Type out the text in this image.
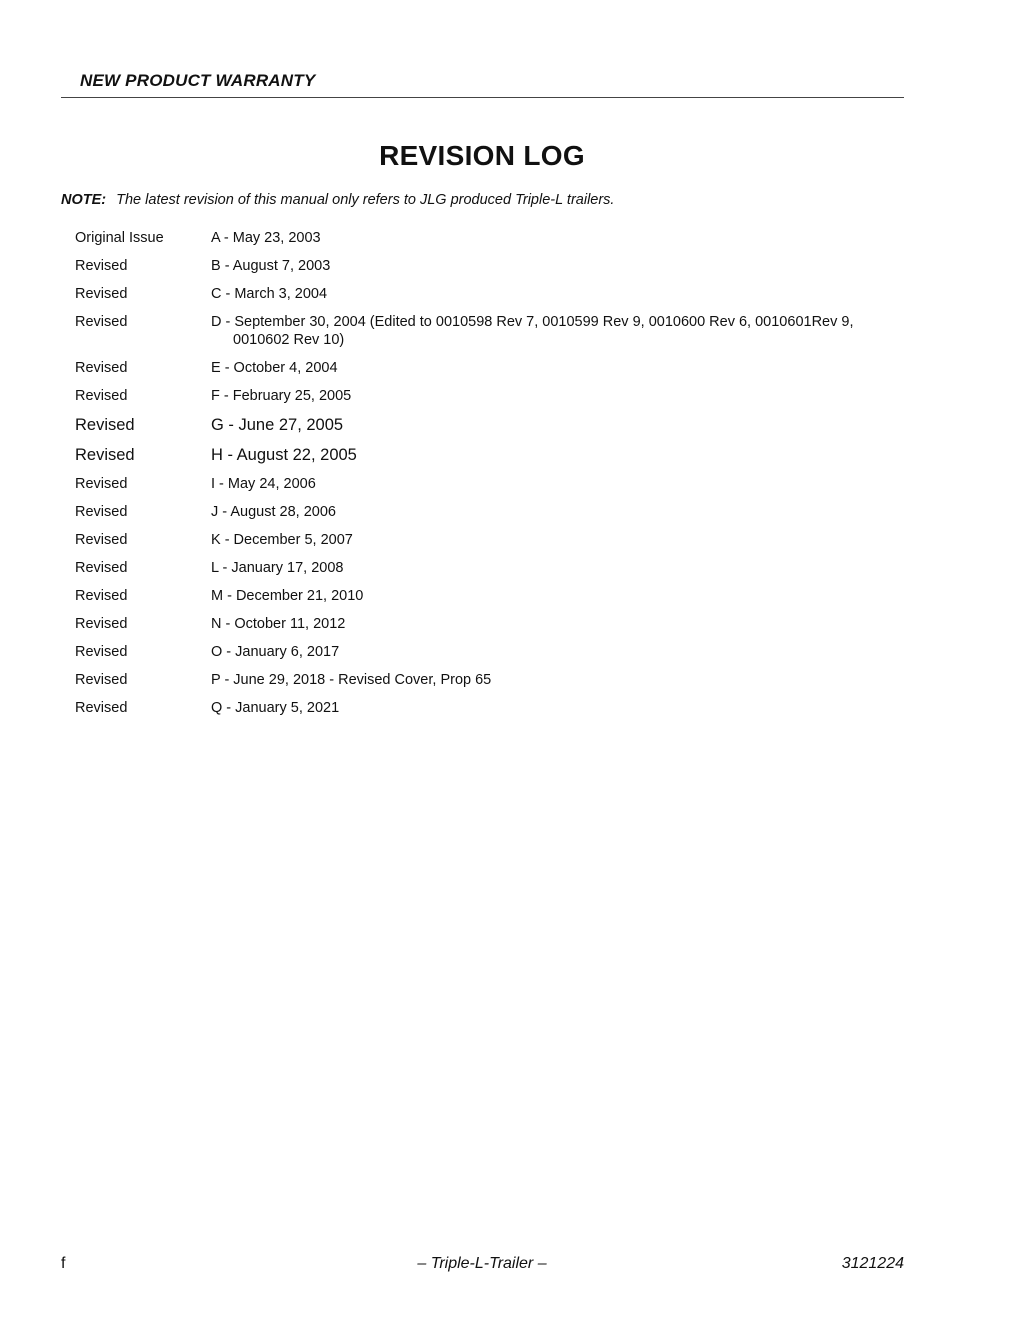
NEW PRODUCT WARRANTY
REVISION LOG
NOTE: The latest revision of this manual only refers to JLG produced Triple-L trailers.
Original Issue	A - May 23, 2003
Revised	B - August 7, 2003
Revised	C - March 3, 2004
Revised	D - September 30, 2004 (Edited to 0010598 Rev 7, 0010599 Rev 9, 0010600 Rev 6, 0010601Rev 9,
0010602 Rev 10)
Revised	E - October 4, 2004
Revised	F - February 25, 2005
Revised	G - June 27, 2005
Revised	H - August 22, 2005
Revised	I - May 24, 2006
Revised	J - August 28, 2006
Revised	K - December 5, 2007
Revised	L - January 17, 2008
Revised	M - December 21, 2010
Revised	N - October 11, 2012
Revised	O - January 6, 2017
Revised	P - June 29, 2018 - Revised Cover, Prop 65
Revised	Q - January 5, 2021
f	– Triple-L-Trailer –	3121224
